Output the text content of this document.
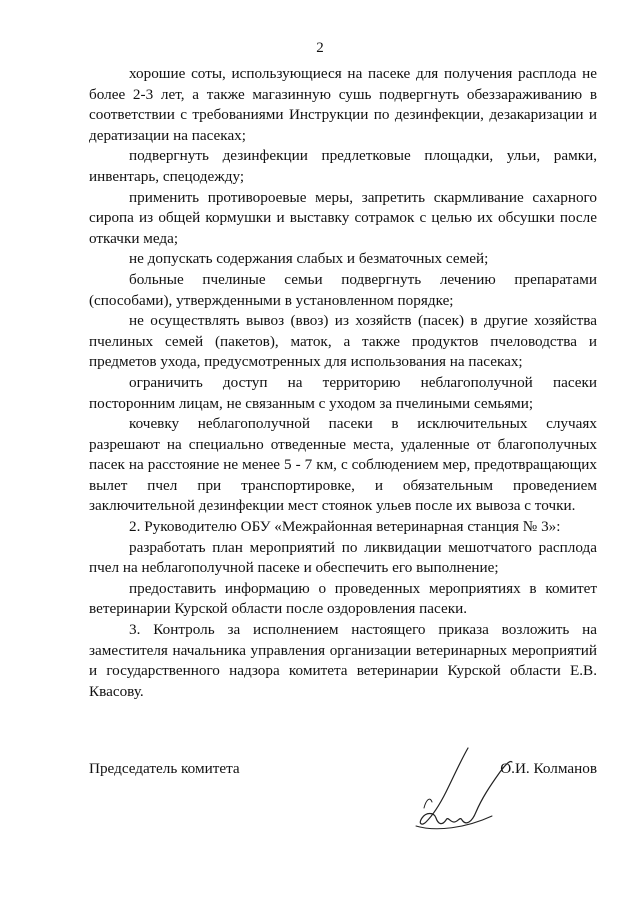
2

хорошие соты, использующиеся на пасеке для получения расплода не более 2-3 лет, а также магазинную сушь подвергнуть обеззараживанию в соответствии с требованиями Инструкции по дезинфекции, дезакаризации и дератизации на пасеках;

подвергнуть дезинфекции предлетковые площадки, ульи, рамки, инвентарь, спецодежду;

применить противороевые меры, запретить скармливание сахарного сиропа из общей кормушки и выставку сотрамок с целью их обсушки после откачки меда;

не допускать содержания слабых и безматочных семей;

больные пчелиные семьи подвергнуть лечению препаратами (способами), утвержденными в установленном порядке;

не осуществлять вывоз (ввоз) из хозяйств (пасек) в другие хозяйства пчелиных семей (пакетов), маток, а также продуктов пчеловодства и предметов ухода, предусмотренных для использования на пасеках;

ограничить доступ на территорию неблагополучной пасеки посторонним лицам, не связанным с уходом за пчелиными семьями;

кочевку неблагополучной пасеки в исключительных случаях разрешают на специально отведенные места, удаленные от благополучных пасек на расстояние не менее 5 - 7 км, с соблюдением мер, предотвращающих вылет пчел при транспортировке, и обязательным проведением заключительной дезинфекции мест стоянок ульев после их вывоза с точки.

2. Руководителю ОБУ «Межрайонная ветеринарная станция № 3»:

разработать план мероприятий по ликвидации мешотчатого расплода пчел на неблагополучной пасеке и обеспечить его выполнение;

предоставить информацию о проведенных мероприятиях в комитет ветеринарии Курской области после оздоровления пасеки.

3. Контроль за исполнением настоящего приказа возложить на заместителя начальника управления организации ветеринарных мероприятий и государственного надзора комитета ветеринарии Курской области Е.В. Квасову.

Председатель комитета	О.И. Колманов
